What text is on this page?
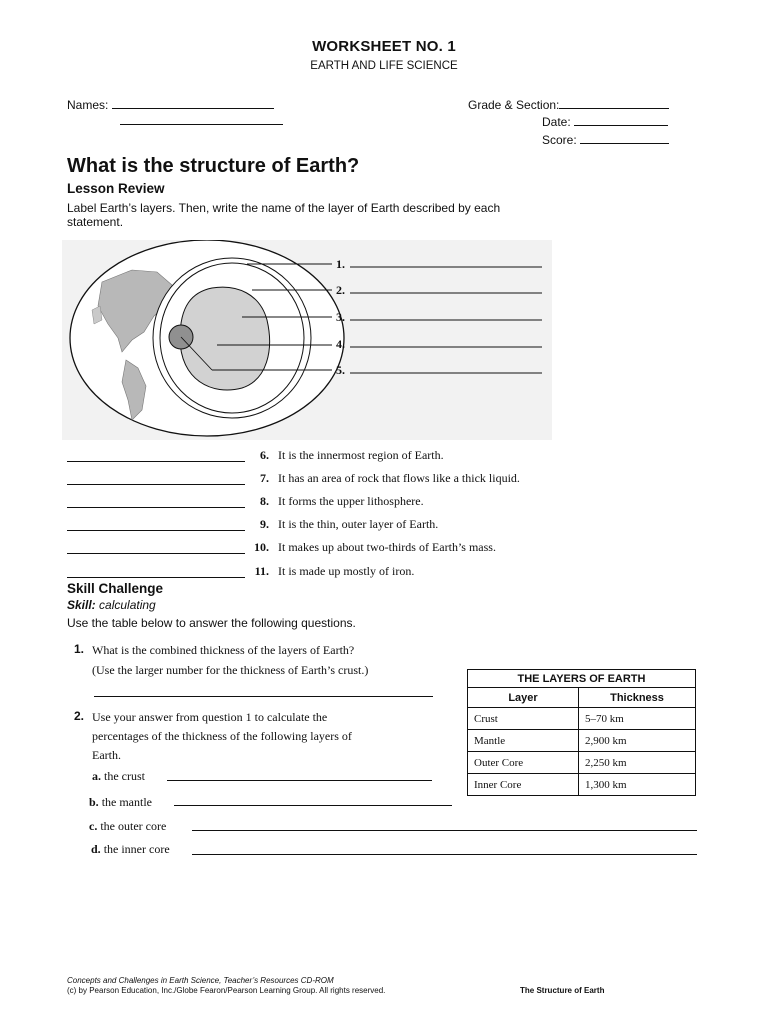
WORKSHEET NO. 1
EARTH AND LIFE SCIENCE
Names:	Grade & Section:
Date:
Score:
What is the structure of Earth?
Lesson Review
Label Earth’s layers. Then, write the name of the layer of Earth described by each statement.
1.
2.
3.
4.
5.
6. It is the innermost region of Earth.
7. It has an area of rock that flows like a thick liquid.
8. It forms the upper lithosphere.
9. It is the thin, outer layer of Earth.
10. It makes up about two-thirds of Earth’s mass.
11. It is made up mostly of iron.
Skill Challenge
Skill: calculating
Use the table below to answer the following questions.
1. What is the combined thickness of the layers of Earth?
(Use the larger number for the thickness of Earth’s crust.)
2. Use your answer from question 1 to calculate the
percentages of the thickness of the following layers of
Earth.
a. the crust
b. the mantle
c. the outer core
d. the inner core
THE LAYERS OF EARTH	
Layer	Thickness
Crust	5–70 km
Mantle	2,900 km
Outer Core	2,250 km
Inner Core	1,300 km
Concepts and Challenges in Earth Science, Teacher’s Resources CD-ROM
(c) by Pearson Education, Inc./Globe Fearon/Pearson Learning Group. All rights reserved.	The Structure of Earth
